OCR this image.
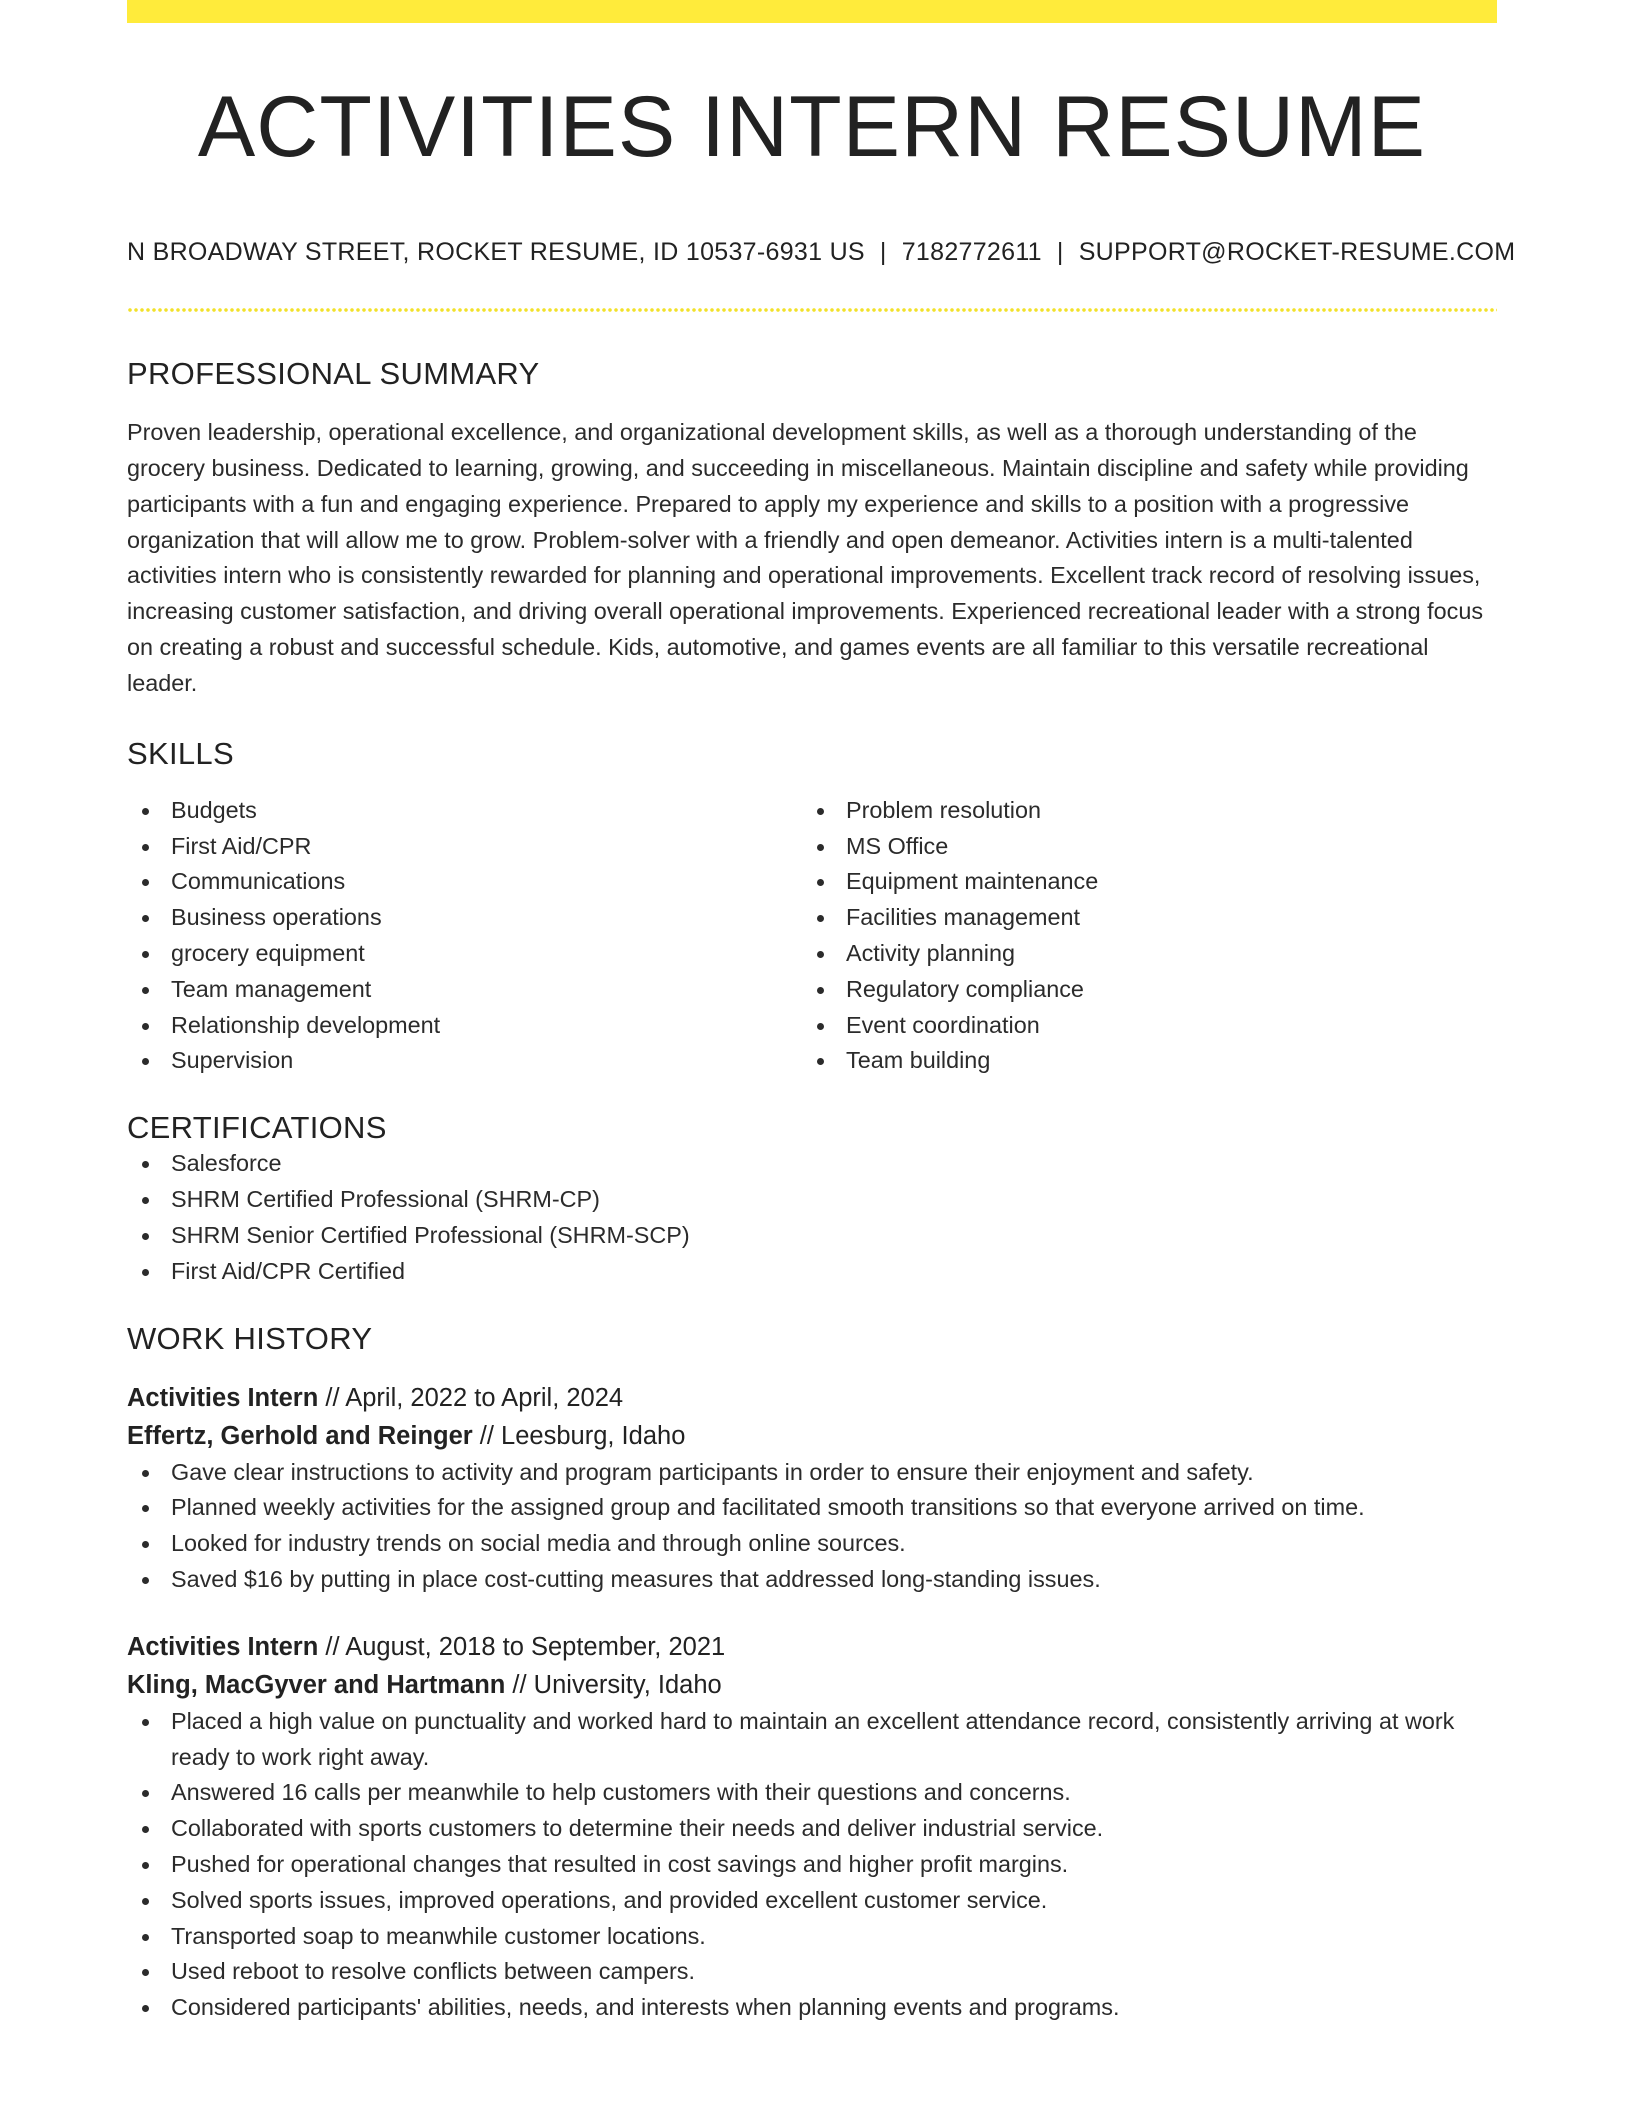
ACTIVITIES INTERN RESUME
N BROADWAY STREET, ROCKET RESUME, ID 10537-6931 US | 7182772611 | SUPPORT@ROCKET-RESUME.COM
PROFESSIONAL SUMMARY

Proven leadership, operational excellence, and organizational development skills, as well as a thorough understanding of the grocery business. Dedicated to learning, growing, and succeeding in miscellaneous. Maintain discipline and safety while providing participants with a fun and engaging experience. Prepared to apply my experience and skills to a position with a progressive organization that will allow me to grow. Problem-solver with a friendly and open demeanor. Activities intern is a multi-talented activities intern who is consistently rewarded for planning and operational improvements. Excellent track record of resolving issues, increasing customer satisfaction, and driving overall operational improvements. Experienced recreational leader with a strong focus on creating a robust and successful schedule. Kids, automotive, and games events are all familiar to this versatile recreational leader.

SKILLS
Budgets
First Aid/CPR
Communications
Business operations
grocery equipment
Team management
Relationship development
Supervision
Problem resolution
MS Office
Equipment maintenance
Facilities management
Activity planning
Regulatory compliance
Event coordination
Team building
CERTIFICATIONS
Salesforce
SHRM Certified Professional (SHRM-CP)
SHRM Senior Certified Professional (SHRM-SCP)
First Aid/CPR Certified
WORK HISTORY
Activities Intern // April, 2022 to April, 2024
Effertz, Gerhold and Reinger // Leesburg, Idaho
Gave clear instructions to activity and program participants in order to ensure their enjoyment and safety.
Planned weekly activities for the assigned group and facilitated smooth transitions so that everyone arrived on time.
Looked for industry trends on social media and through online sources.
Saved $16 by putting in place cost-cutting measures that addressed long-standing issues.
Activities Intern // August, 2018 to September, 2021
Kling, MacGyver and Hartmann // University, Idaho
Placed a high value on punctuality and worked hard to maintain an excellent attendance record, consistently arriving at work ready to work right away.
Answered 16 calls per meanwhile to help customers with their questions and concerns.
Collaborated with sports customers to determine their needs and deliver industrial service.
Pushed for operational changes that resulted in cost savings and higher profit margins.
Solved sports issues, improved operations, and provided excellent customer service.
Transported soap to meanwhile customer locations.
Used reboot to resolve conflicts between campers.
Considered participants' abilities, needs, and interests when planning events and programs.
